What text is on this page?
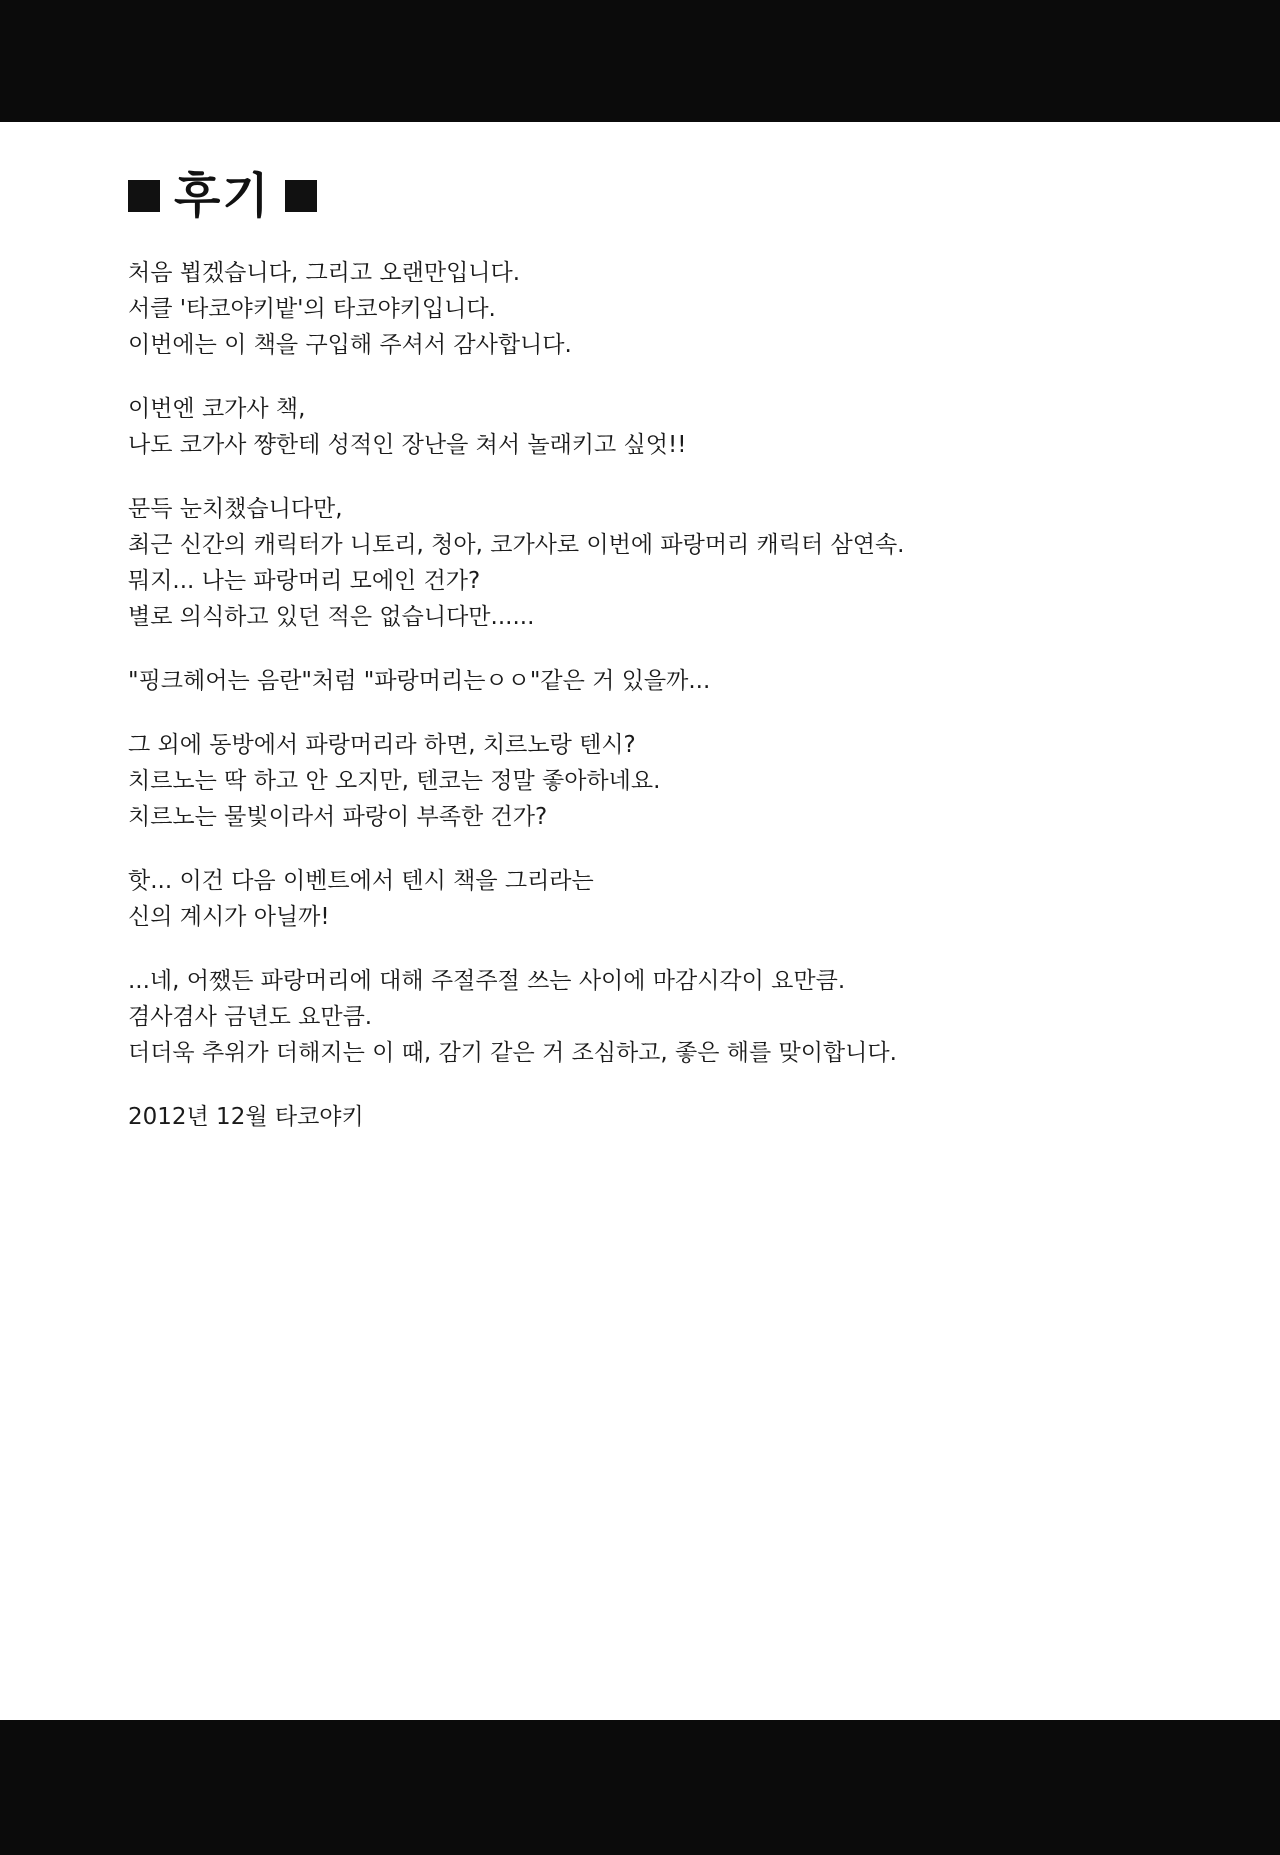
후기
처음 뵙겠습니다, 그리고 오랜만입니다.
서클 '타코야키밭'의 타코야키입니다.
이번에는 이 책을 구입해 주셔서 감사합니다.
이번엔 코가사 책,
나도 코가사 쨩한테 성적인 장난을 쳐서 놀래키고 싶엇!!
문득 눈치챘습니다만,
최근 신간의 캐릭터가 니토리, 청아, 코가사로 이번에 파랑머리 캐릭터 삼연속.
뭐지... 나는 파랑머리 모에인 건가?
별로 의식하고 있던 적은 없습니다만......
"핑크헤어는 음란"처럼 "파랑머리는ㅇㅇ"같은 거 있을까...
그 외에 동방에서 파랑머리라 하면, 치르노랑 텐시?
치르노는 딱 하고 안 오지만, 텐코는 정말 좋아하네요.
치르노는 물빛이라서 파랑이 부족한 건가?
핫... 이건 다음 이벤트에서 텐시 책을 그리라는
신의 계시가 아닐까!
...네, 어쨌든 파랑머리에 대해 주절주절 쓰는 사이에 마감시각이 요만큼.
겸사겸사 금년도 요만큼.
더더욱 추위가 더해지는 이 때, 감기 같은 거 조심하고, 좋은 해를 맞이합니다.
2012년 12월 타코야키
